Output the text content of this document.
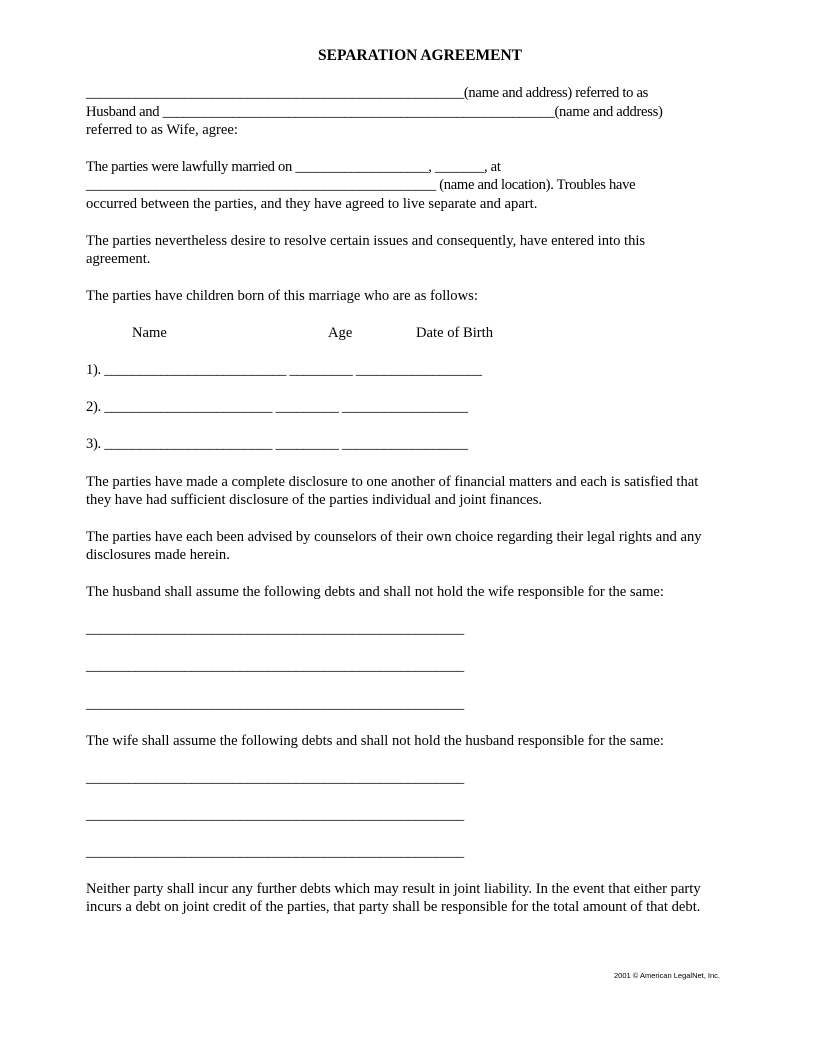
SEPARATION AGREEMENT

______________________________________________________(name and address) referred to as

Husband and ________________________________________________________(name and address)

referred to as Wife, agree:

The parties were lawfully married on ___________________, _______, at

__________________________________________________ (name and location). Troubles have

occurred between the parties, and they have agreed to live separate and apart.

The parties nevertheless desire to resolve certain issues and consequently, have entered into this

agreement.

The parties have children born of this marriage who are as follows:

Name	Age	Date of Birth

1). __________________________ _________ __________________

2). ________________________ _________ __________________

3). ________________________ _________ __________________

The parties have made a complete disclosure to one another of financial matters and each is satisfied that

they have had sufficient disclosure of the parties individual and joint finances.

The parties have each been advised by counselors of their own choice regarding their legal rights and any

disclosures made herein.

The husband shall assume the following debts and shall not hold the wife responsible for the same:

______________________________________________________

______________________________________________________

______________________________________________________

The wife shall assume the following debts and shall not hold the husband responsible for the same:

______________________________________________________

______________________________________________________

______________________________________________________

Neither party shall incur any further debts which may result in joint liability. In the event that either party

incurs a debt on joint credit of the parties, that party shall be responsible for the total amount of that debt.

2001 © American LegalNet, Inc.
